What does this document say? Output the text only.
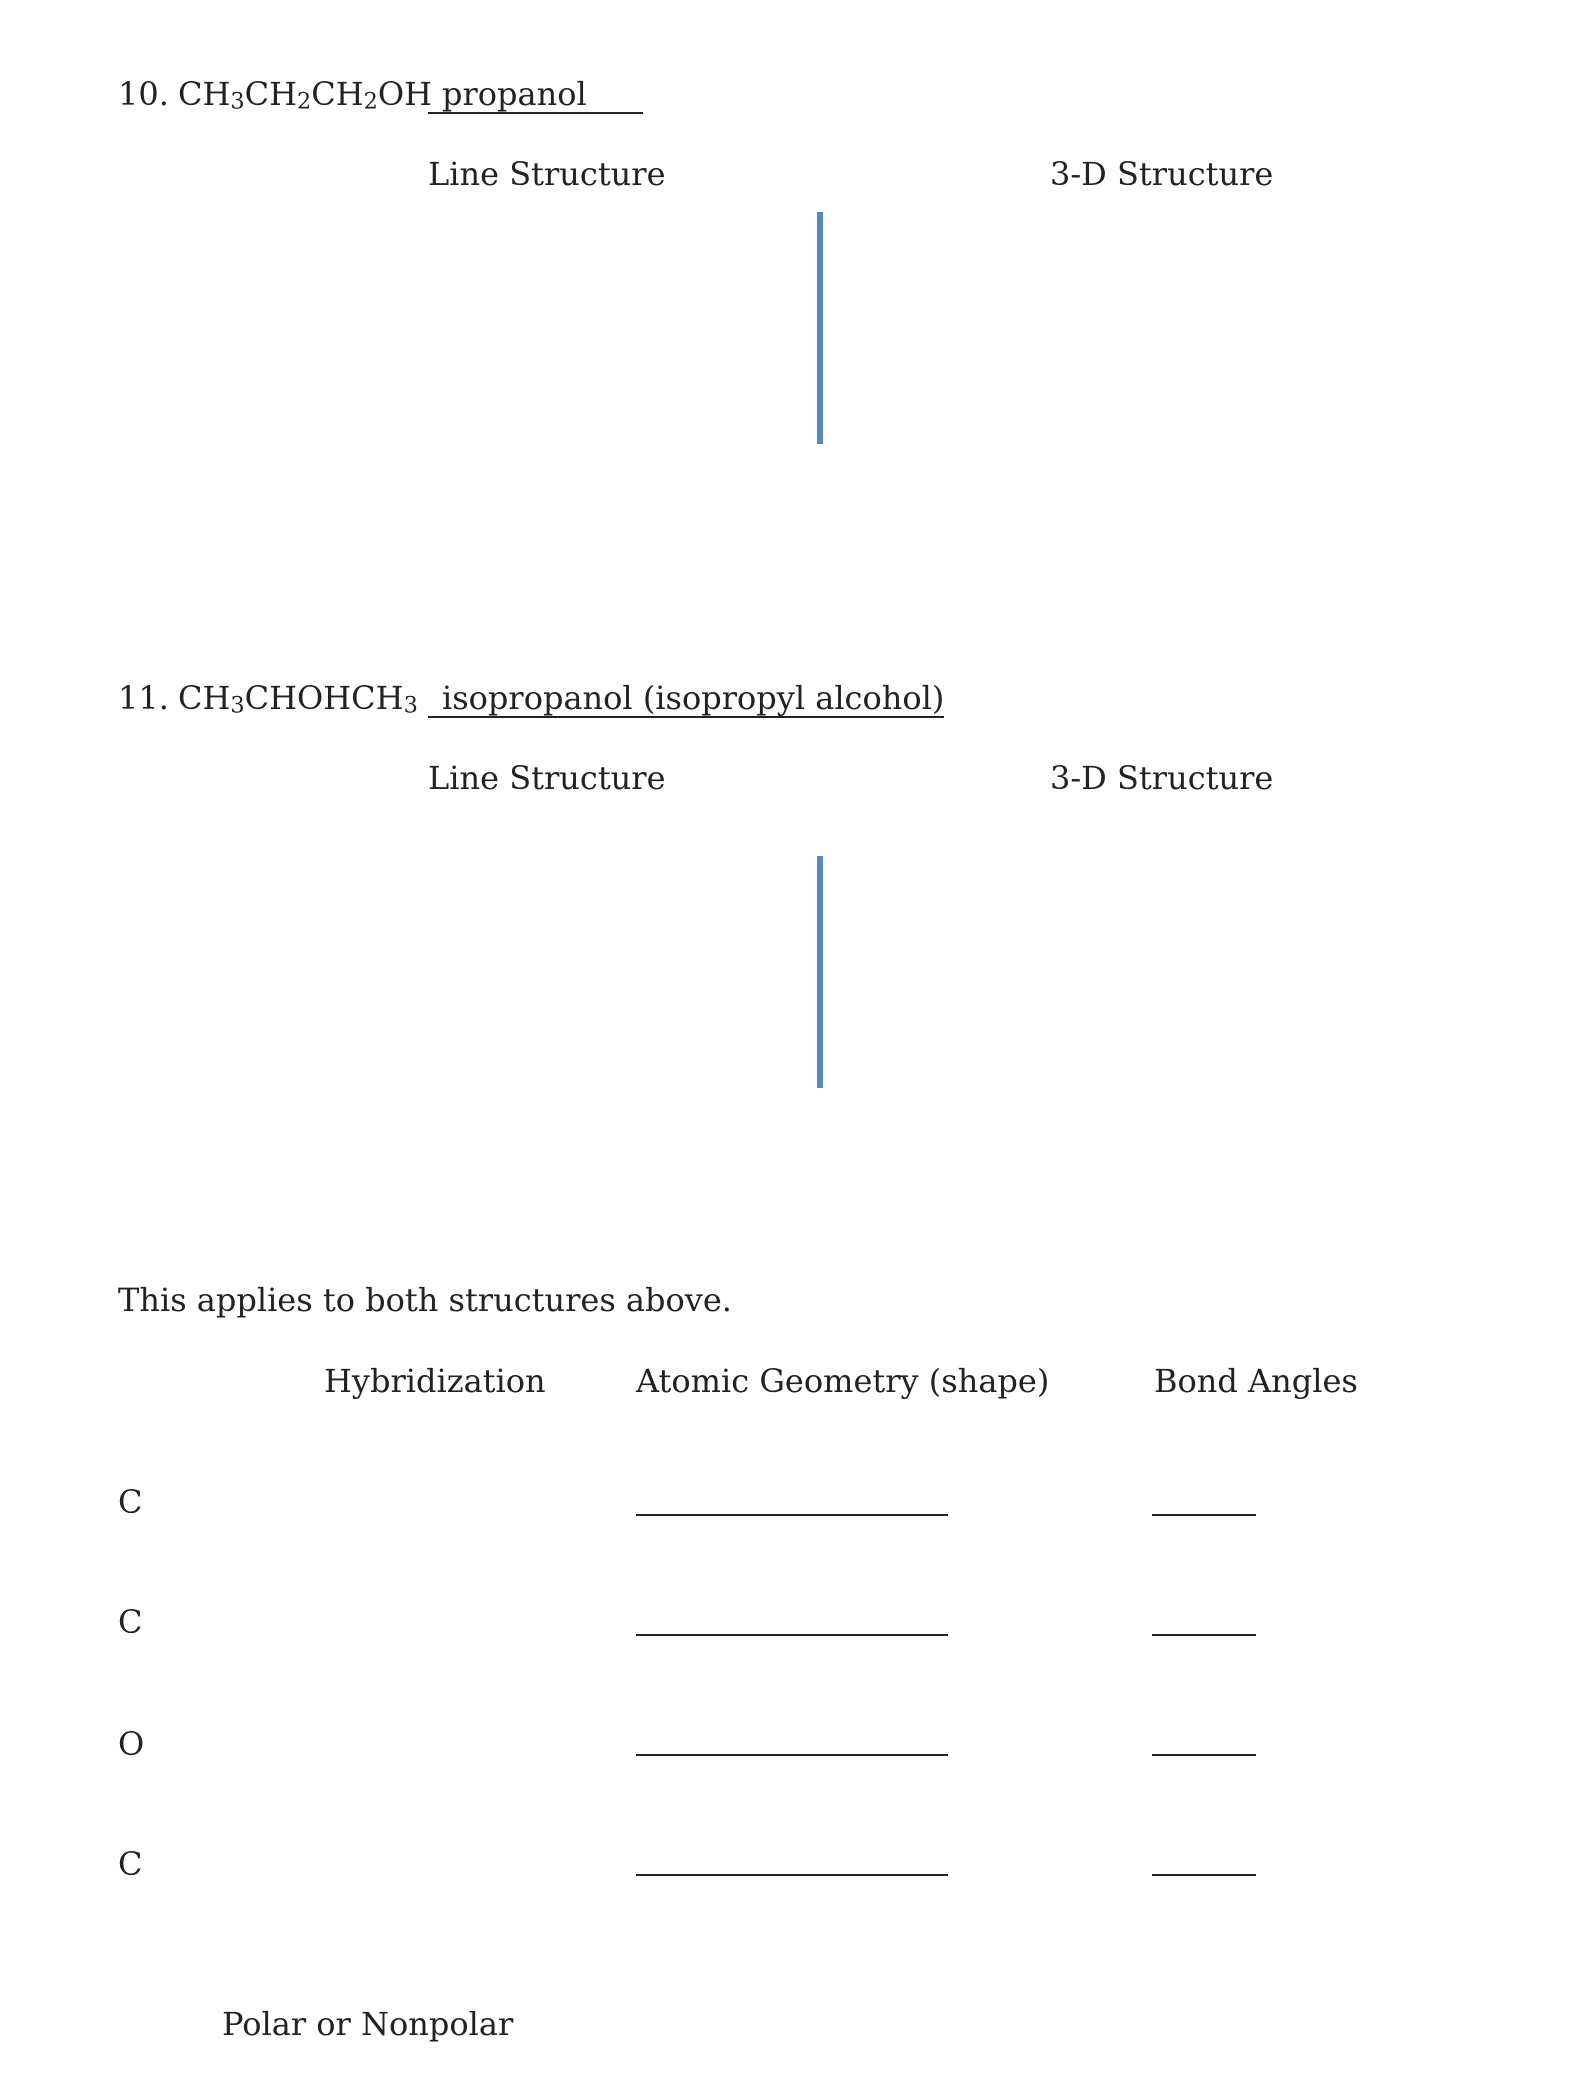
10. $CH_3CH_2CH_2OH$ propanol
Line Structure	3-D Structure
11. $CH_3CHOHCH_3$ isopropanol (isopropyl alcohol)
Line Structure	3-D Structure
This applies to both structures above.
Hybridization	Atomic Geometry (shape)	Bond Angles
C
C
O
C
Polar or Nonpolar
